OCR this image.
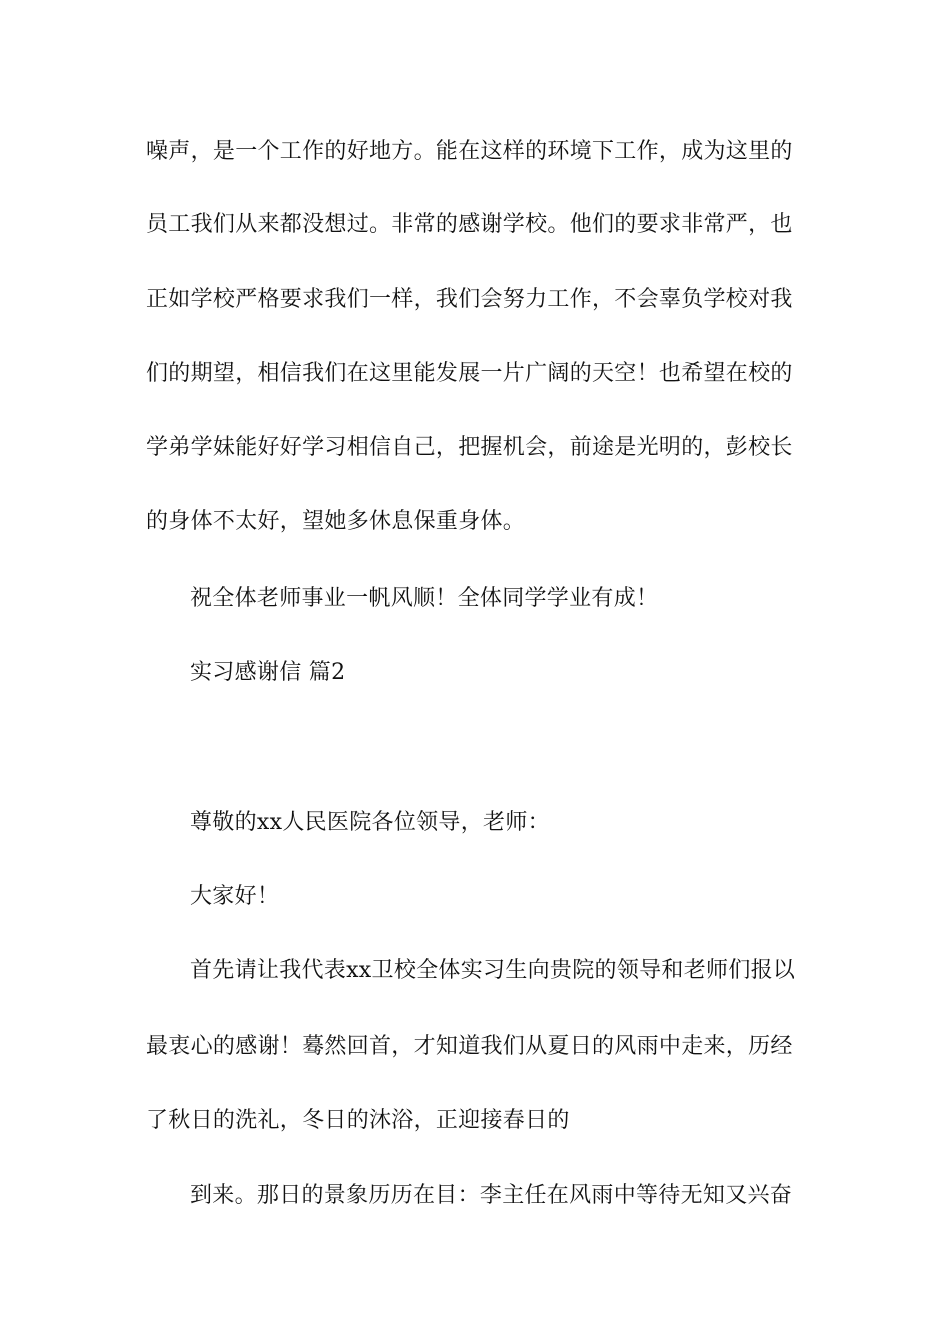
噪声，是一个工作的好地方。能在这样的环境下工作，成为这里的
员工我们从来都没想过。非常的感谢学校。他们的要求非常严，也
正如学校严格要求我们一样，我们会努力工作，不会辜负学校对我
们的期望，相信我们在这里能发展一片广阔的天空！也希望在校的
学弟学妹能好好学习相信自己，把握机会，前途是光明的，彭校长
的身体不太好，望她多休息保重身体。
祝全体老师事业一帆风顺！全体同学学业有成！
实习感谢信 篇2
尊敬的xx人民医院各位领导，老师：
大家好！
首先请让我代表xx卫校全体实习生向贵院的领导和老师们报以
最衷心的感谢！蓦然回首，才知道我们从夏日的风雨中走来，历经
了秋日的洗礼，冬日的沐浴，正迎接春日的
到来。那日的景象历历在目：李主任在风雨中等待无知又兴奋
